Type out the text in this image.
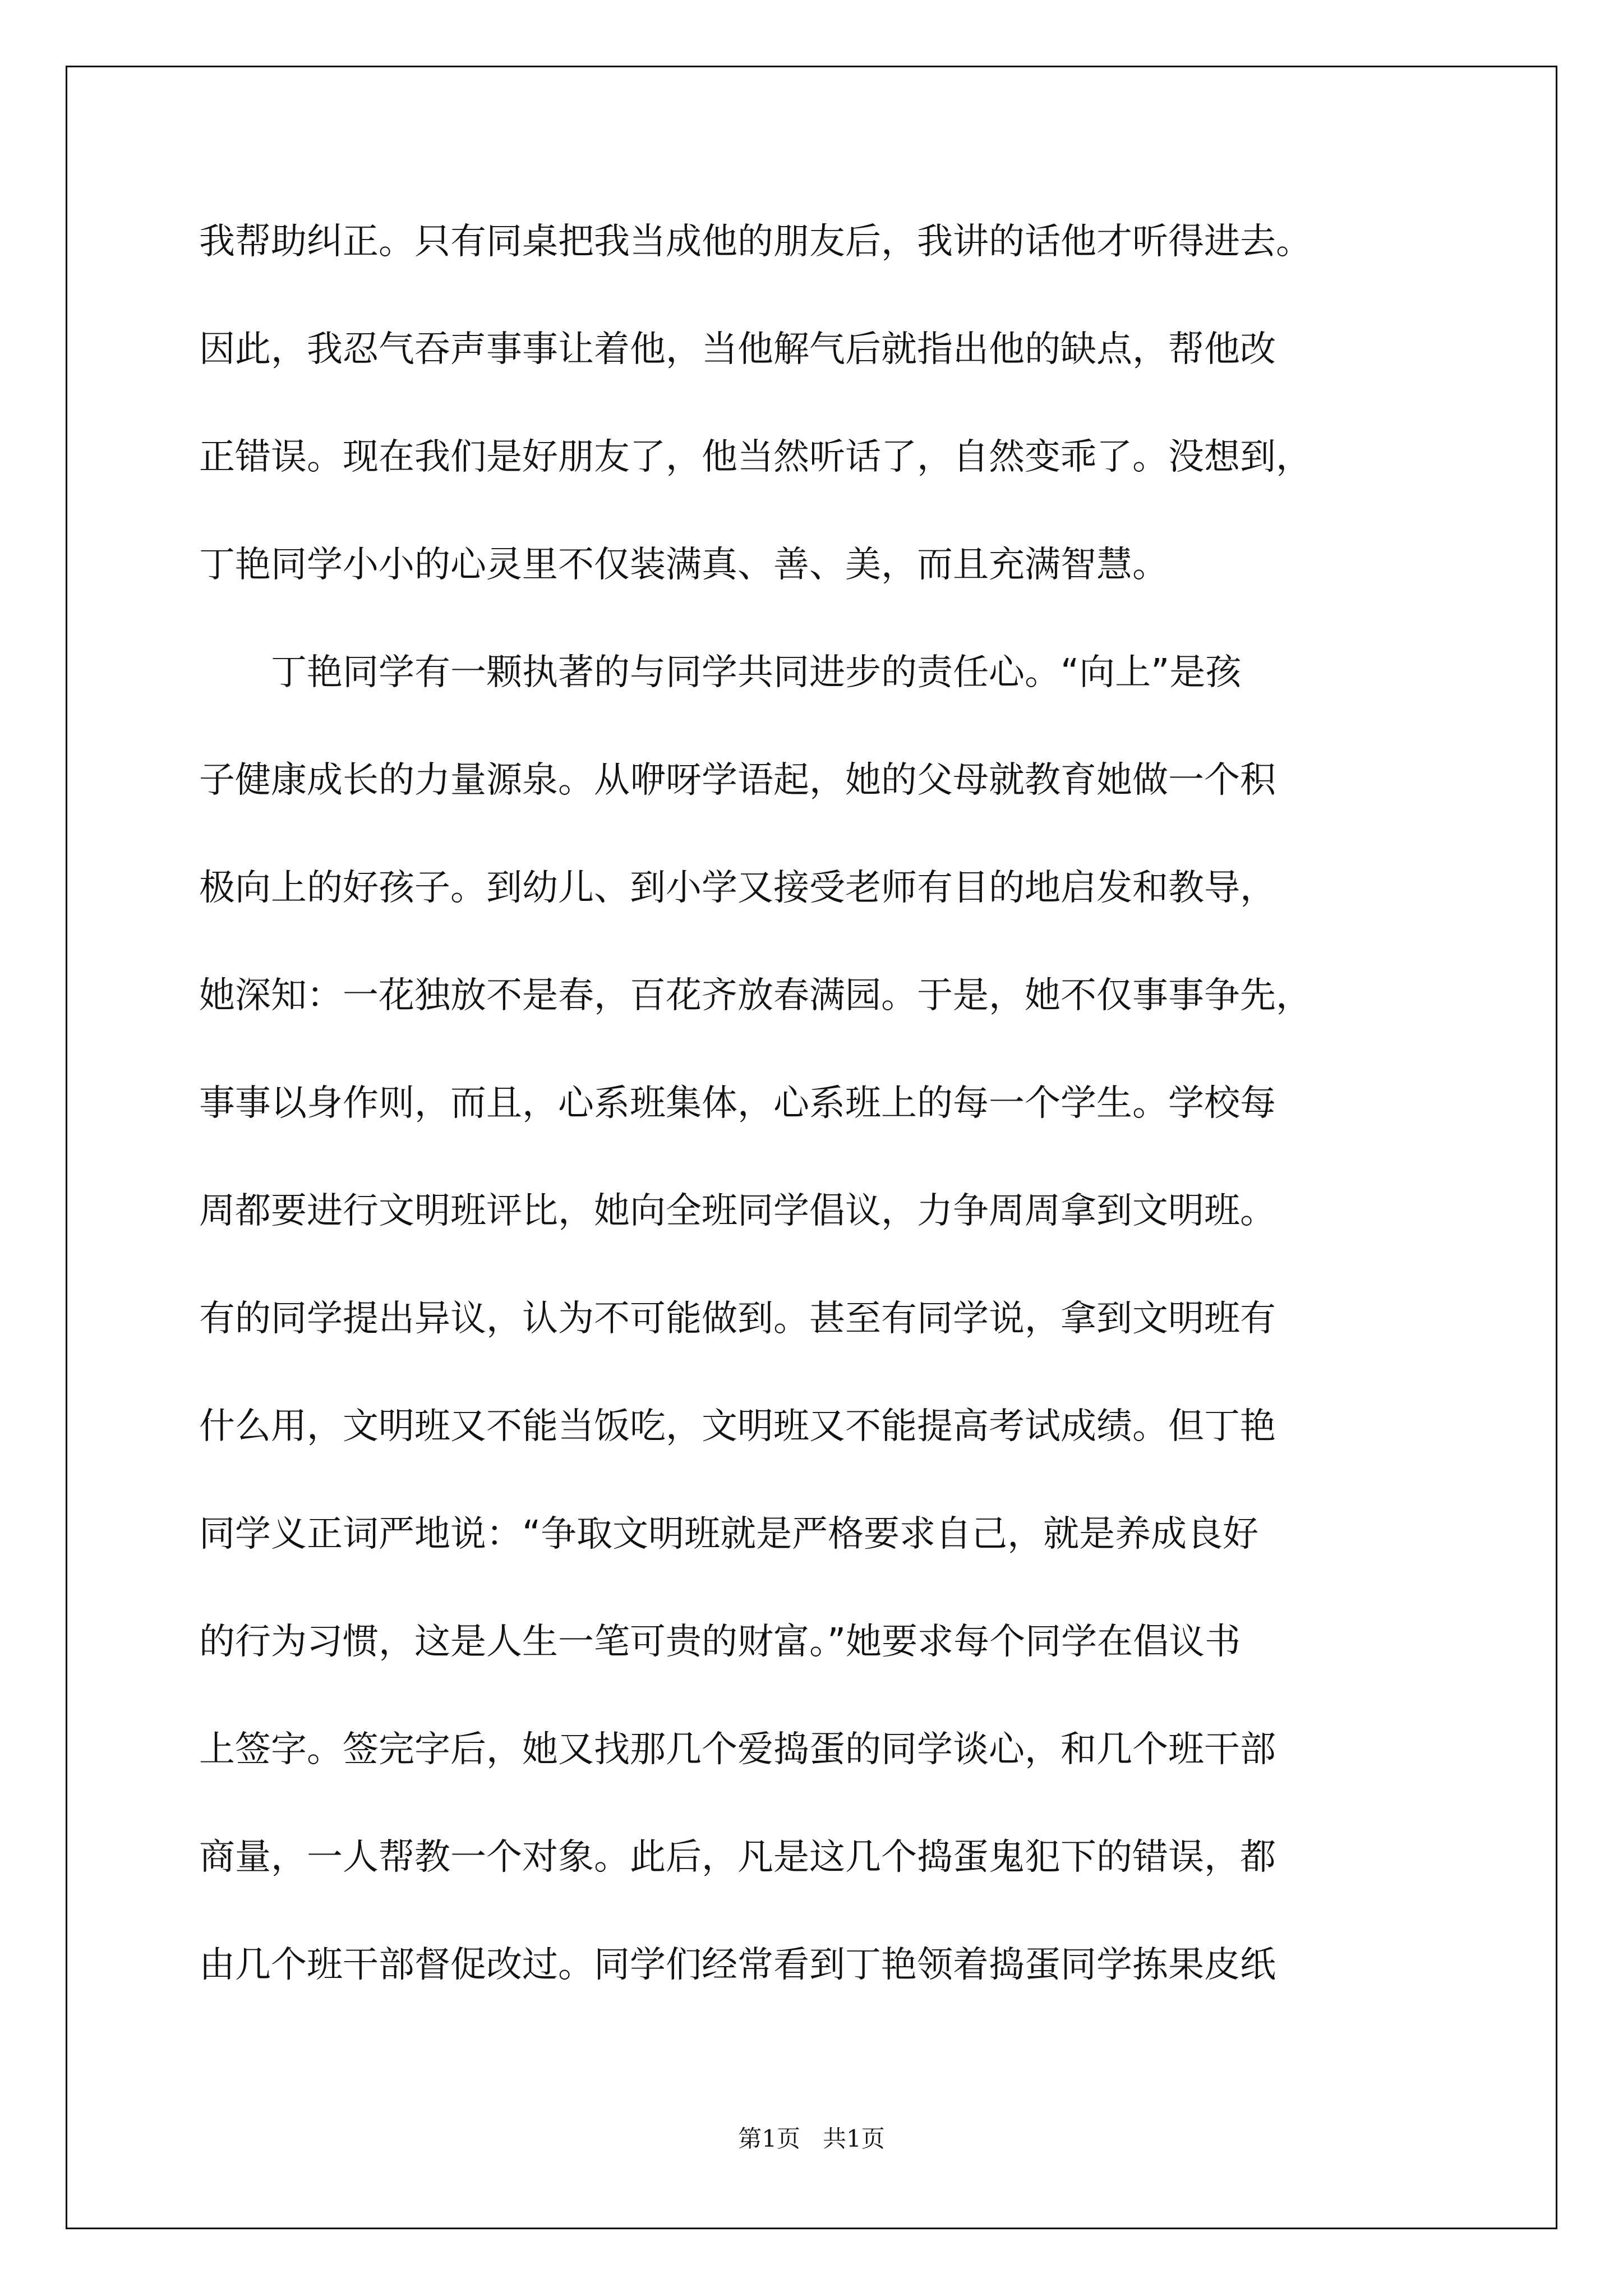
我帮助纠正。只有同桌把我当成他的朋友后，我讲的话他才听得进去。
因此，我忍气吞声事事让着他，当他解气后就指出他的缺点，帮他改
正错误。现在我们是好朋友了，他当然听话了，自然变乖了。没想到，
丁艳同学小小的心灵里不仅装满真、善、美，而且充满智慧。
丁艳同学有一颗执著的与同学共同进步的责任心。“向上”是孩
子健康成长的力量源泉。从咿呀学语起，她的父母就教育她做一个积
极向上的好孩子。到幼儿、到小学又接受老师有目的地启发和教导，
她深知：一花独放不是春，百花齐放春满园。于是，她不仅事事争先，
事事以身作则，而且，心系班集体，心系班上的每一个学生。学校每
周都要进行文明班评比，她向全班同学倡议，力争周周拿到文明班。
有的同学提出异议，认为不可能做到。甚至有同学说，拿到文明班有
什么用，文明班又不能当饭吃，文明班又不能提高考试成绩。但丁艳
同学义正词严地说：“争取文明班就是严格要求自己，就是养成良好
的行为习惯，这是人生一笔可贵的财富。”她要求每个同学在倡议书
上签字。签完字后，她又找那几个爱捣蛋的同学谈心，和几个班干部
商量，一人帮教一个对象。此后，凡是这几个捣蛋鬼犯下的错误，都
由几个班干部督促改过。同学们经常看到丁艳领着捣蛋同学拣果皮纸
第1页 共1页
